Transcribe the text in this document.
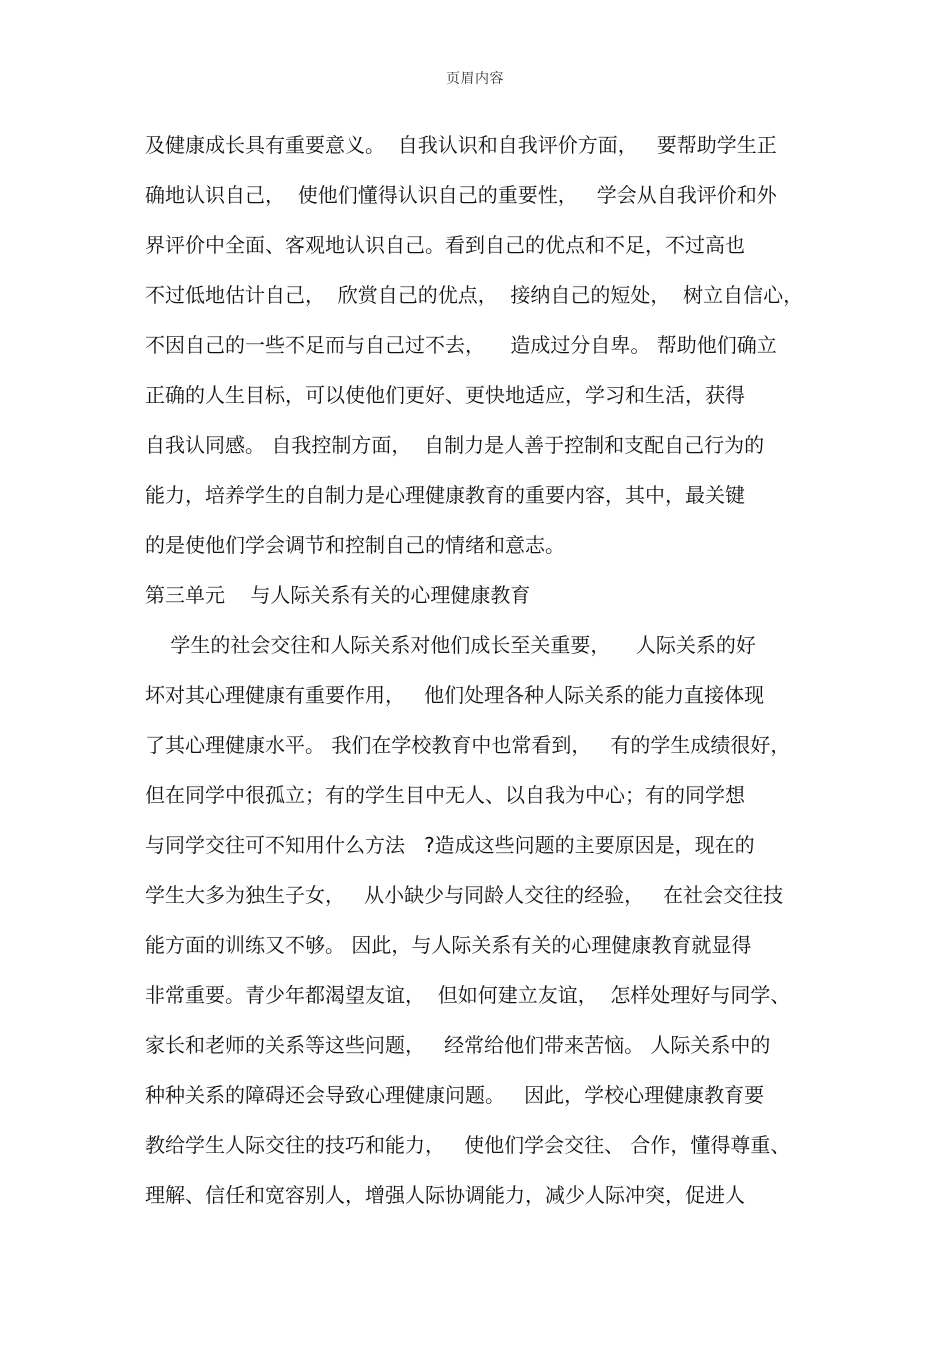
页眉内容
及健康成长具有重要意义。  自我认识和自我评价方面，   要帮助学生正
确地认识自己，  使他们懂得认识自己的重要性，   学会从自我评价和外
界评价中全面、客观地认识自己。看到自己的优点和不足，不过高也
不过低地估计自己，  欣赏自己的优点，  接纳自己的短处，  树立自信心，
不因自己的一些不足而与自己过不去，    造成过分自卑。 帮助他们确立
正确的人生目标，可以使他们更好、更快地适应，学习和生活，获得
自我认同感。 自我控制方面，  自制力是人善于控制和支配自己行为的
能力，培养学生的自制力是心理健康教育的重要内容，其中，最关键
的是使他们学会调节和控制自己的情绪和意志。
第三单元    与人际关系有关的心理健康教育
学生的社会交往和人际关系对他们成长至关重要，    人际关系的好
坏对其心理健康有重要作用，   他们处理各种人际关系的能力直接体现
了其心理健康水平。 我们在学校教育中也常看到，   有的学生成绩很好，
但在同学中很孤立；有的学生目中无人、以自我为中心；有的同学想
与同学交往可不知用什么方法   ?造成这些问题的主要原因是，现在的
学生大多为独生子女，   从小缺少与同龄人交往的经验，   在社会交往技
能方面的训练又不够。 因此，与人际关系有关的心理健康教育就显得
非常重要。青少年都渴望友谊，  但如何建立友谊，  怎样处理好与同学、
家长和老师的关系等这些问题，   经常给他们带来苦恼。 人际关系中的
种种关系的障碍还会导致心理健康问题。   因此，学校心理健康教育要
教给学生人际交往的技巧和能力，   使他们学会交往、 合作，懂得尊重、
理解、信任和宽容别人，增强人际协调能力，减少人际冲突，促进人
